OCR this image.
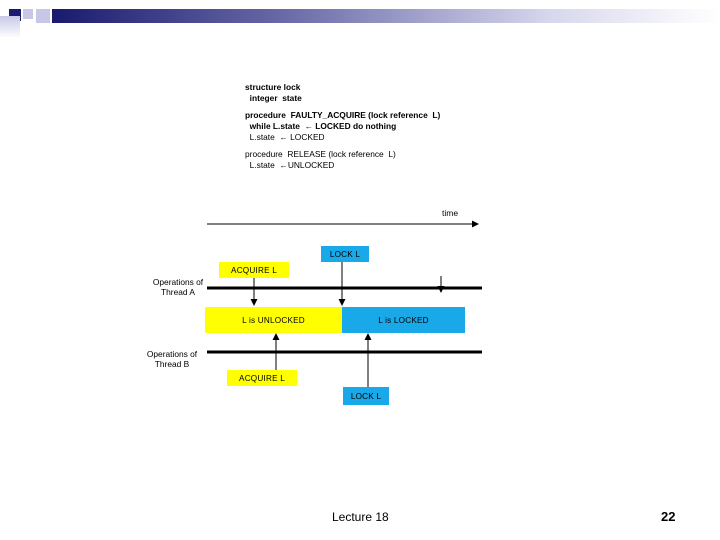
structure lock
integer  state
procedure  FAULTY_ACQUIRE (lock reference  L)
while L.state  ← LOCKED do nothing
L.state  ← LOCKED
procedure  RELEASE (lock reference  L)
L.state  ←UNLOCKED

time
LOCK L
ACQUIRE L
Operations of
Thread A
L is UNLOCKED	L is LOCKED
Operations of
Thread B
ACQUIRE L
LOCK L
Lecture 18	22
